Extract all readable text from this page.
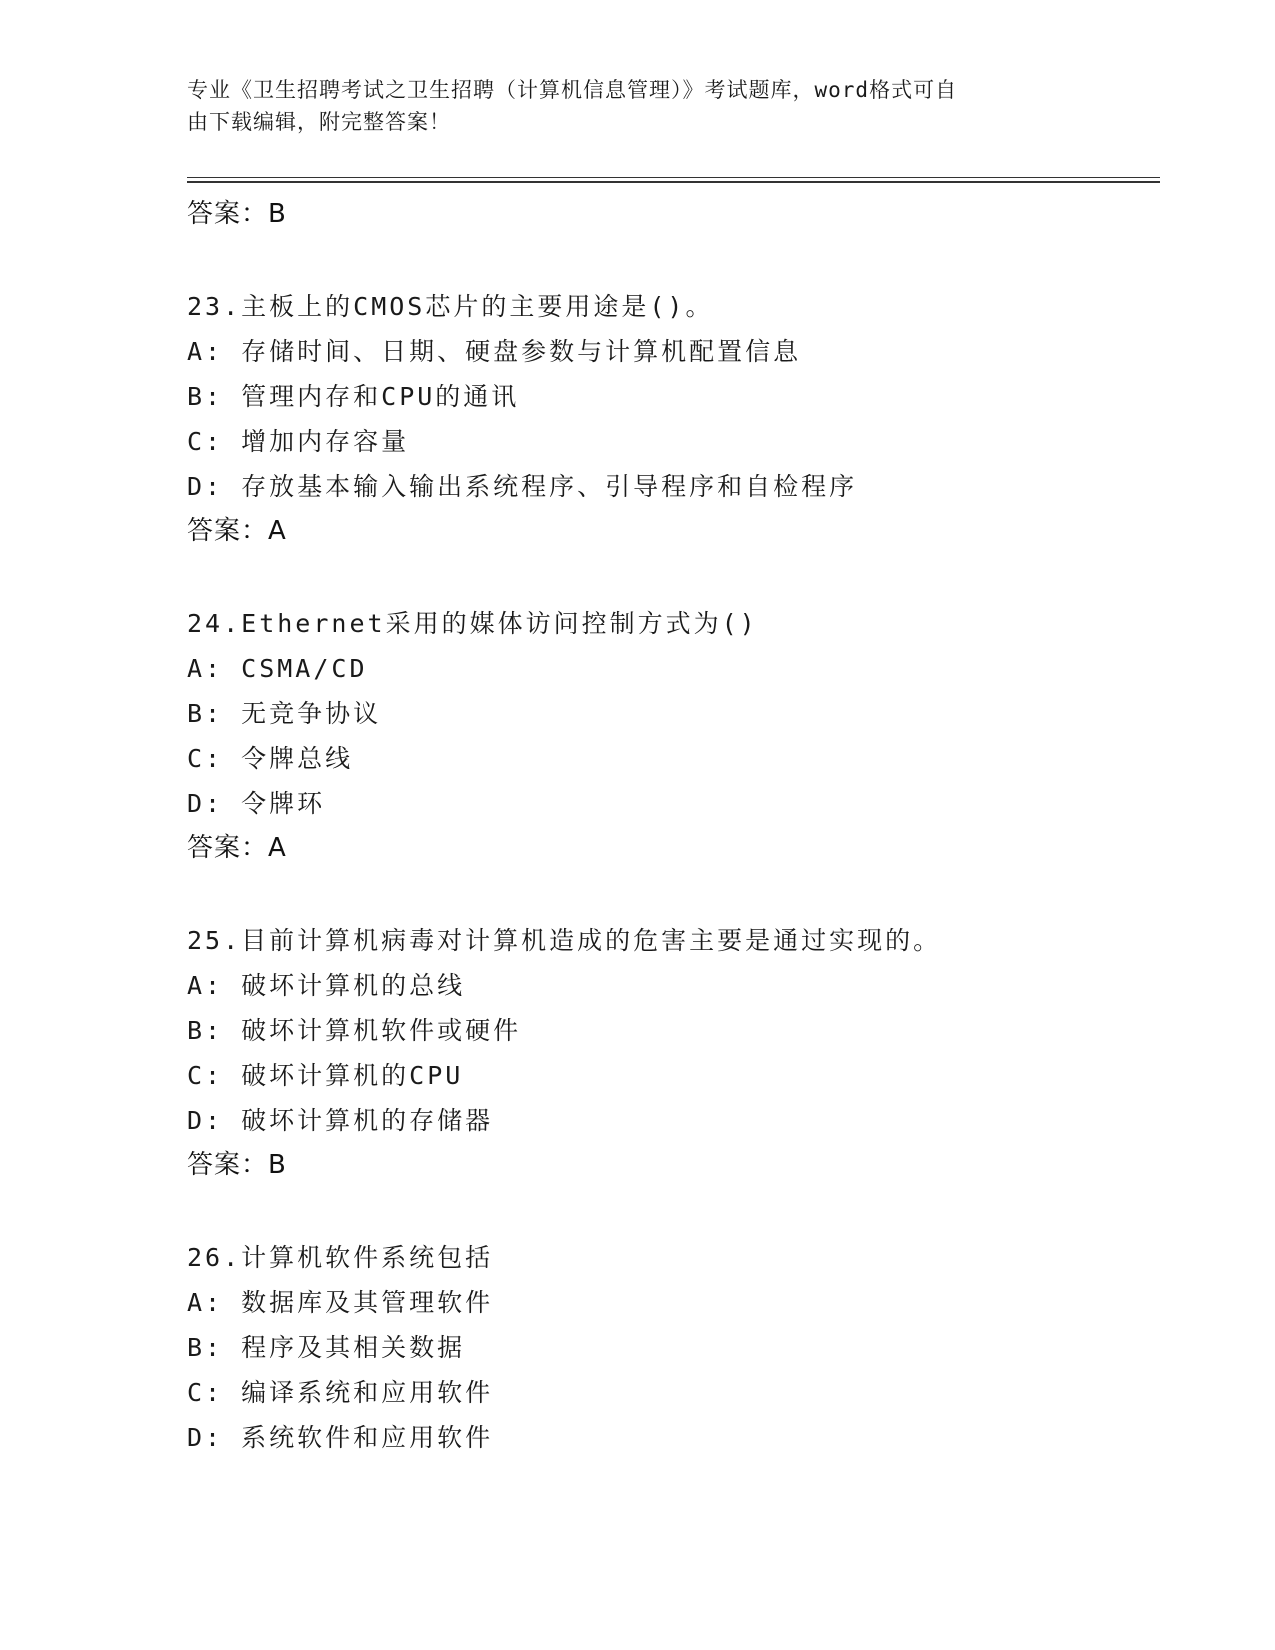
专业《卫生招聘考试之卫生招聘（计算机信息管理）》考试题库，word格式可自
由下载编辑，附完整答案！
答案：B
23.主板上的CMOS芯片的主要用途是()。
A: 存储时间、日期、硬盘参数与计算机配置信息
B: 管理内存和CPU的通讯
C: 增加内存容量
D: 存放基本输入输出系统程序、引导程序和自检程序
答案：A
24.Ethernet采用的媒体访问控制方式为()
A: CSMA/CD
B: 无竞争协议
C: 令牌总线
D: 令牌环
答案：A
25.目前计算机病毒对计算机造成的危害主要是通过实现的。
A: 破坏计算机的总线
B: 破坏计算机软件或硬件
C: 破坏计算机的CPU
D: 破坏计算机的存储器
答案：B
26.计算机软件系统包括
A: 数据库及其管理软件
B: 程序及其相关数据
C: 编译系统和应用软件
D: 系统软件和应用软件
